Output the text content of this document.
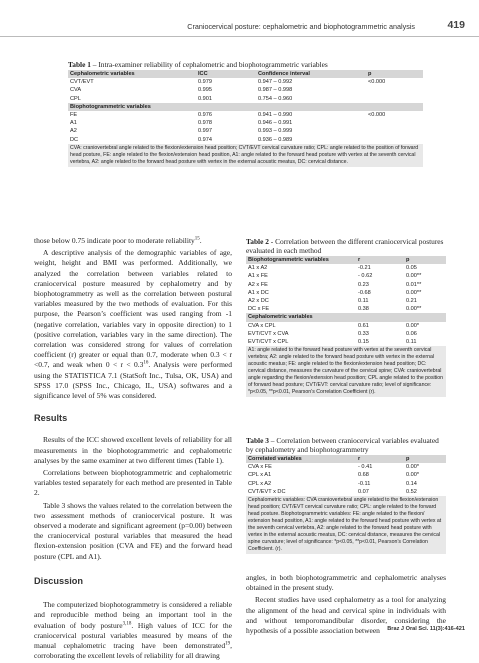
Craniocervical posture: cephalometric and biophotogrammetric analysis	419
Table 1 – Intra-examiner reliability of cephalometric and biophotogrammetric variables
Cephalometric variables	ICC	Confidence interval	p
CVT/EVT	0.979	0.947 – 0.992	<0.000
CVA	0.995	0.987 – 0.998	
CPL	0.901	0.754 – 0.960	
Biophotogrammetric variables			
FE	0.976	0.941 – 0.990	<0.000
A1	0.978	0.946 – 0.991	
A2	0.997	0.993 – 0.999	
DC	0.974	0.936 – 0.989	
CVA: craniovertebral angle related to the flexion/extension head position; CVT/EVT cervical curvature ratio; CPL: angle related to the position of forward head posture, FE: angle related to the flexion/extension head position, A1: angle related to the forward head posture with vertex at the seventh cervical vertebra, A2: angle related to the forward head posture with vertex in the external acoustic meatus, DC: cervical distance.

those below 0.75 indicate poor to moderate reliability$^{15}$.

A descriptive analysis of the demographic variables of age, weight, height and BMI was performed. Additionally, we analyzed the correlation between variables related to craniocervical posture measured by cephalometry and by biophotogrammetry as well as the correlation between postural variables measured by the two methods of evaluation. For this purpose, the Pearson’s coefficient was used ranging from -1 (negative correlation, variables vary in opposite direction) to 1 (positive correlation, variables vary in the same direction). The correlation was considered strong for values of correlation coefficient (r) greater or equal than 0.7, moderate when 0.3 < r <0.7, and weak when $0 < r < 0.3^{16}$. Analysis were performed using the STATISTICA 7.1 (StatSoft Inc., Tulsa, OK, USA) and SPSS 17.0 (SPSS Inc., Chicago, IL, USA) softwares and a significance level of 5% was considered.

Results

Results of the ICC showed excellent levels of reliability for all measurements in the biophotogrammetric and cephalometric analyses by the same examiner at two different times (Table 1).

Correlations between biophotogrammetric and cephalometric variables tested separately for each method are presented in Table 2.

Table 3 shows the values related to the correlation between the two assessment methods of craniocervical posture. It was observed a moderate and significant agreement (p=0.00) between the craniocervical postural variables that measured the head flexion-extension position (CVA and FE) and the forward head posture (CPL and A1).

Discussion

The computerized biophotogrammetry is considered a reliable and reproducible method being an important tool in the evaluation of body posture$^{3,18}$. High values of ICC for the craniocervical postural variables measured by means of the manual cephalometric tracing have been demonstrated$^{19}$, corroborating the excellent levels of reliability for all drawing

Table 2 - Correlation between the different craniocervical postures evaluated in each method
Biophotogrammetric variables	r	p
A1 x A2	-0.21	0.05
A1 x FE	- 0.62	0.00**
A2 x FE	0.23	0.01**
A1 x DC	-0.68	0.00**
A2 x DC	0.11	0.21
DC x FE	0.38	0.00**
Cephalometric variables		
CVA x CPL	0.61	0.00*
EVT/CVT x CVA	0.33	0.06
EVT/CVT x CPL	0.15	0.11
A1: angle related to the forward head posture with vertex at the seventh cervical vertebra; A2: angle related to the forward head posture with vertex in the external acoustic meatus; FE: angle related to the flexion/extension head position; DC: cervical distance, measures the curvature of the cervical spine; CVA: craniovertebral angle regarding the flexion/extension head position; CPL angle related to the position of forward head posture; CVT/EVT: cervical curvature ratio; level of significance: *p<0.05, **p<0.01, Pearson’s Correlation Coefficient (r).
Table 3 – Correlation between craniocervical variables evaluated by cephalometry and biophotogrammetry
Correlated variables	r	p
CVA x FE	- 0.41	0.00*
CPL x A1	0.68	0.00*
CPL x A2	-0.11	0.14
CVT/EVT x DC	0.07	0.52
Cephalometric variables: CVA craniovertebral angle related to the flexion/extension head position; CVT/EVT cervical curvature ratio; CPL: angle related to the forward head posture. Biophotogrammetric variables: FE: angle related to the flexion/ extension head position, A1: angle related to the forward head posture with vertex at the seventh cervical vertebra, A2: angle related to the forward head posture with vertex in the external acoustic meatus, DC: cervical distance, measures the cervical spine curvature; level of significance: *p<0.05, **p<0.01, Pearson’s Correlation Coefficient. (r).

angles, in both biophotogrammetric and cephalometric analyses obtained in the present study.

Recent studies have used cephalometry as a tool for analyzing the alignment of the head and cervical spine in individuals with and without temporomandibular disorder, considering the hypothesis of a possible association between	Braz J Oral Sci. 11(3):416-421
